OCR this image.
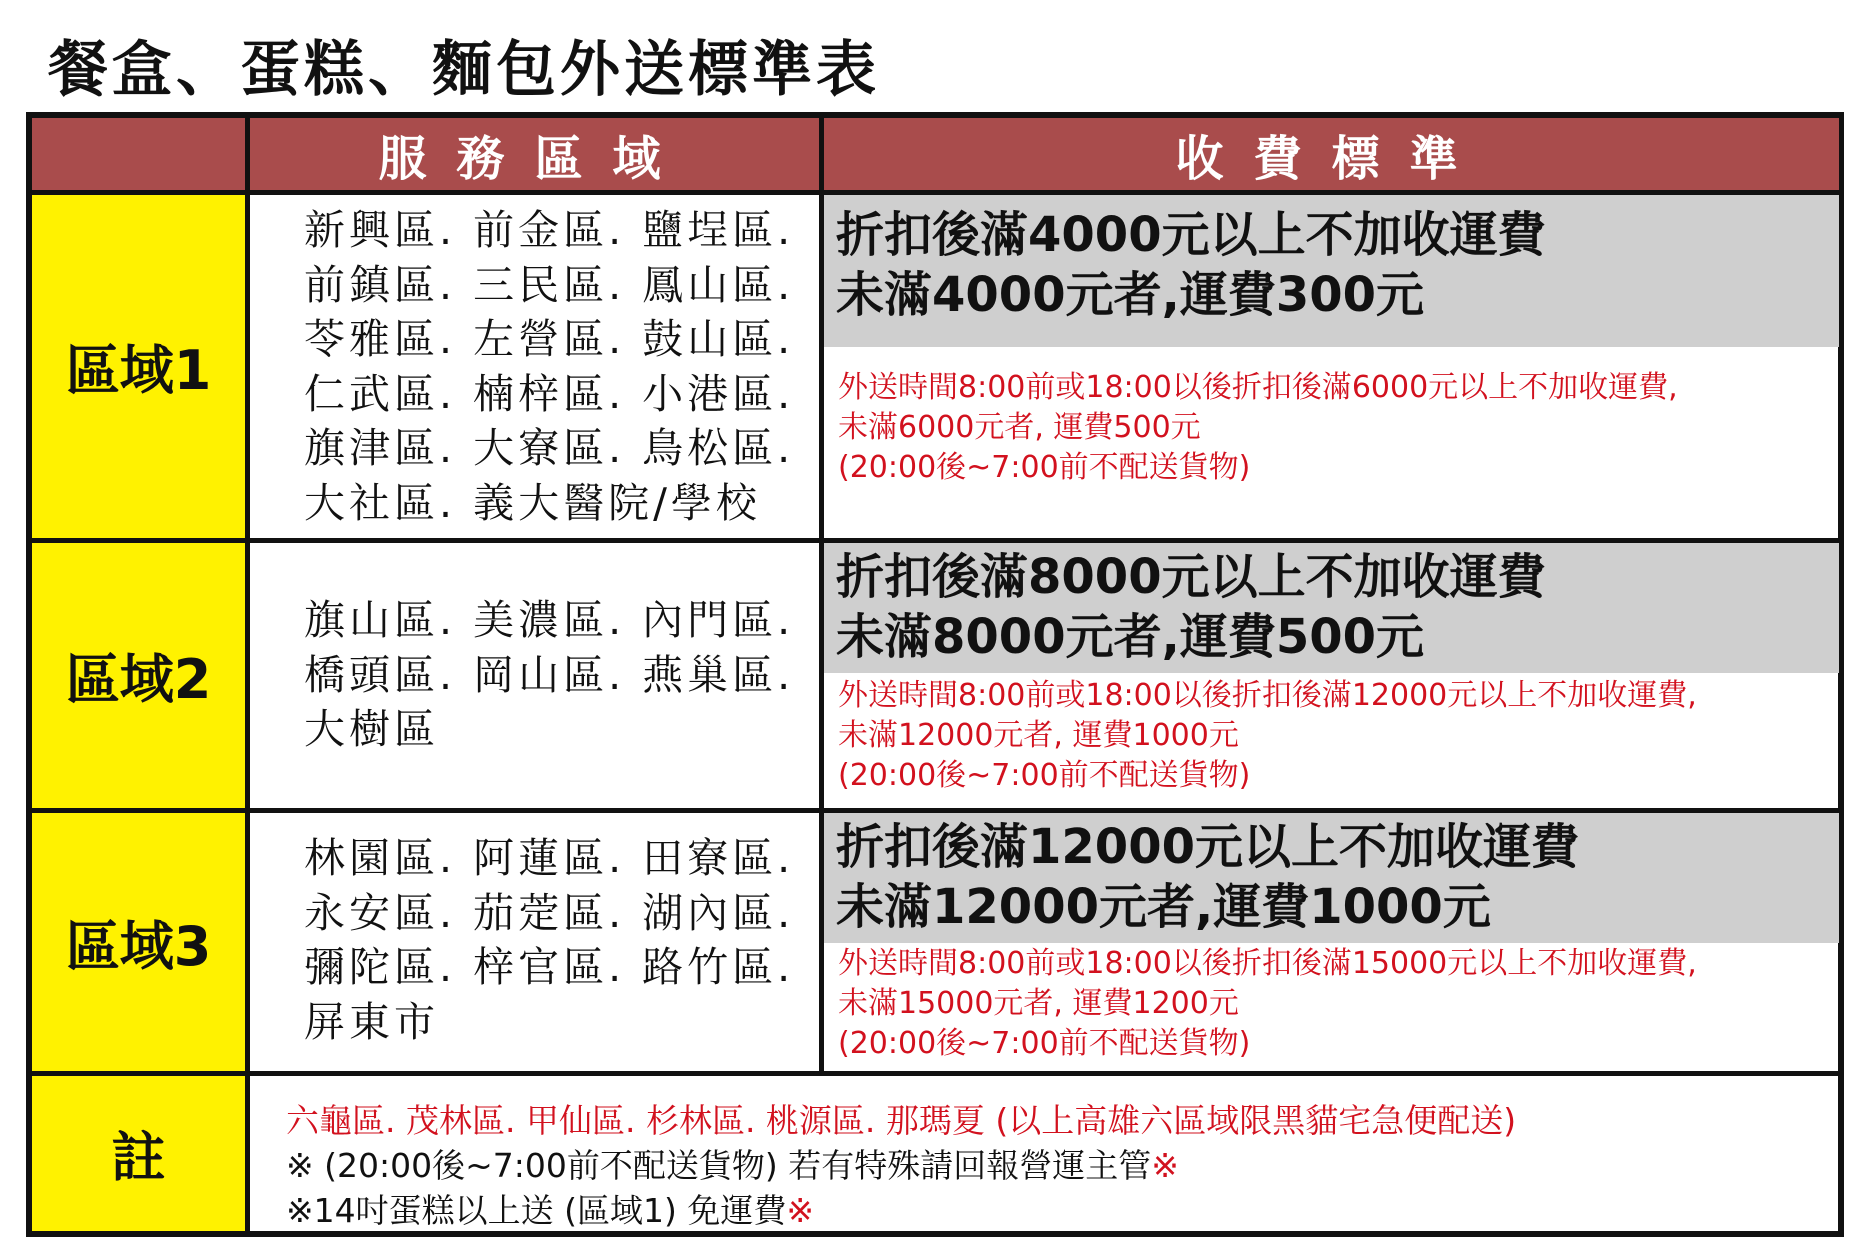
餐盒、蛋糕、麵包外送標準表
服務區域	收費標準
區域1
新興區. 前金區. 鹽埕區.
前鎮區. 三民區. 鳳山區.
苓雅區. 左營區. 鼓山區.
仁武區. 楠梓區. 小港區.
旗津區. 大寮區. 鳥松區.
大社區. 義大醫院/學校
折扣後滿4000元以上不加收運費
未滿4000元者,運費300元
外送時間8:00前或18:00以後折扣後滿6000元以上不加收運費,
未滿6000元者, 運費500元
(20:00後~7:00前不配送貨物)
區域2
旗山區. 美濃區. 內門區.
橋頭區. 岡山區. 燕巢區.
大樹區
折扣後滿8000元以上不加收運費
未滿8000元者,運費500元
外送時間8:00前或18:00以後折扣後滿12000元以上不加收運費,
未滿12000元者, 運費1000元
(20:00後~7:00前不配送貨物)
區域3
林園區. 阿蓮區. 田寮區.
永安區. 茄萣區. 湖內區.
彌陀區. 梓官區. 路竹區.
屏東市
折扣後滿12000元以上不加收運費
未滿12000元者,運費1000元
外送時間8:00前或18:00以後折扣後滿15000元以上不加收運費,
未滿15000元者, 運費1200元
(20:00後~7:00前不配送貨物)
註
六龜區. 茂林區. 甲仙區. 杉林區. 桃源區. 那瑪夏 (以上高雄六區域限黑貓宅急便配送)
※ (20:00後~7:00前不配送貨物) 若有特殊請回報營運主管※
※14吋蛋糕以上送 (區域1) 免運費※
